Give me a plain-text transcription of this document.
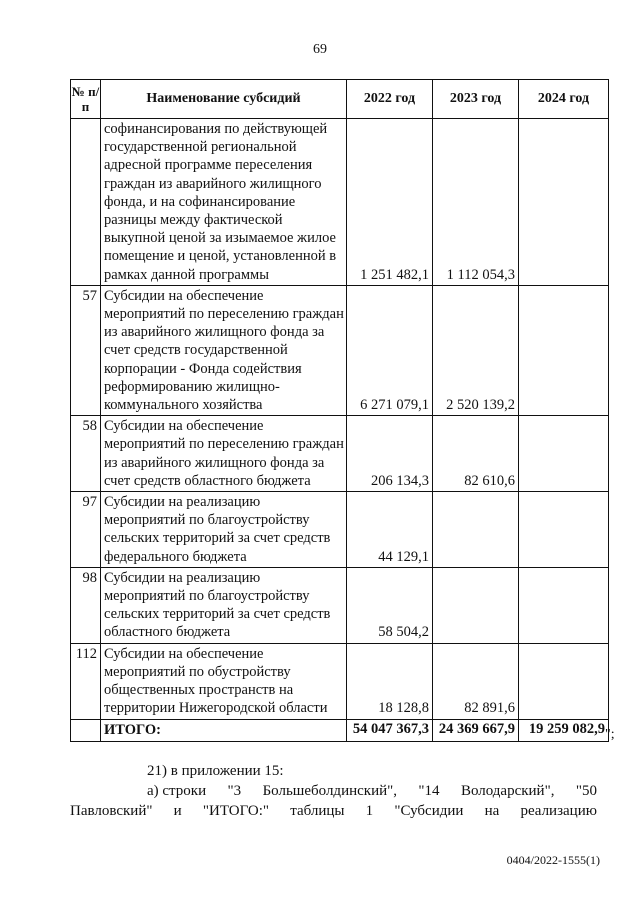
69
№ п/п	Наименование субсидий	2022 год	2023 год	2024 год
	софинансирования по действующей государственной региональной адресной программе переселения граждан из аварийного жилищного фонда, и на софинансирование разницы между фактической выкупной ценой за изымаемое жилое помещение и ценой, установленной в рамках данной программы	1 251 482,1	1 112 054,3	
57	Субсидии на обеспечение мероприятий по переселению граждан из аварийного жилищного фонда за счет средств государственной корпорации - Фонда содействия реформированию жилищно-коммунального хозяйства	6 271 079,1	2 520 139,2	
58	Субсидии на обеспечение мероприятий по переселению граждан из аварийного жилищного фонда за счет средств областного бюджета	206 134,3	82 610,6	
97	Субсидии на реализацию мероприятий по благоустройству сельских территорий за счет средств федерального бюджета	44 129,1		
98	Субсидии на реализацию мероприятий по благоустройству сельских территорий за счет средств областного бюджета	58 504,2		
112	Субсидии на обеспечение мероприятий по обустройству общественных пространств на территории Нижегородской области	18 128,8	82 891,6	
	ИТОГО:	54 047 367,3	24 369 667,9	19 259 082,9 ";
21) в приложении 15:
а) строки "3 Большеболдинский", "14 Володарский", "50
Павловский" и "ИТОГО:" таблицы 1 "Субсидии на реализацию
0404/2022-1555(1)
